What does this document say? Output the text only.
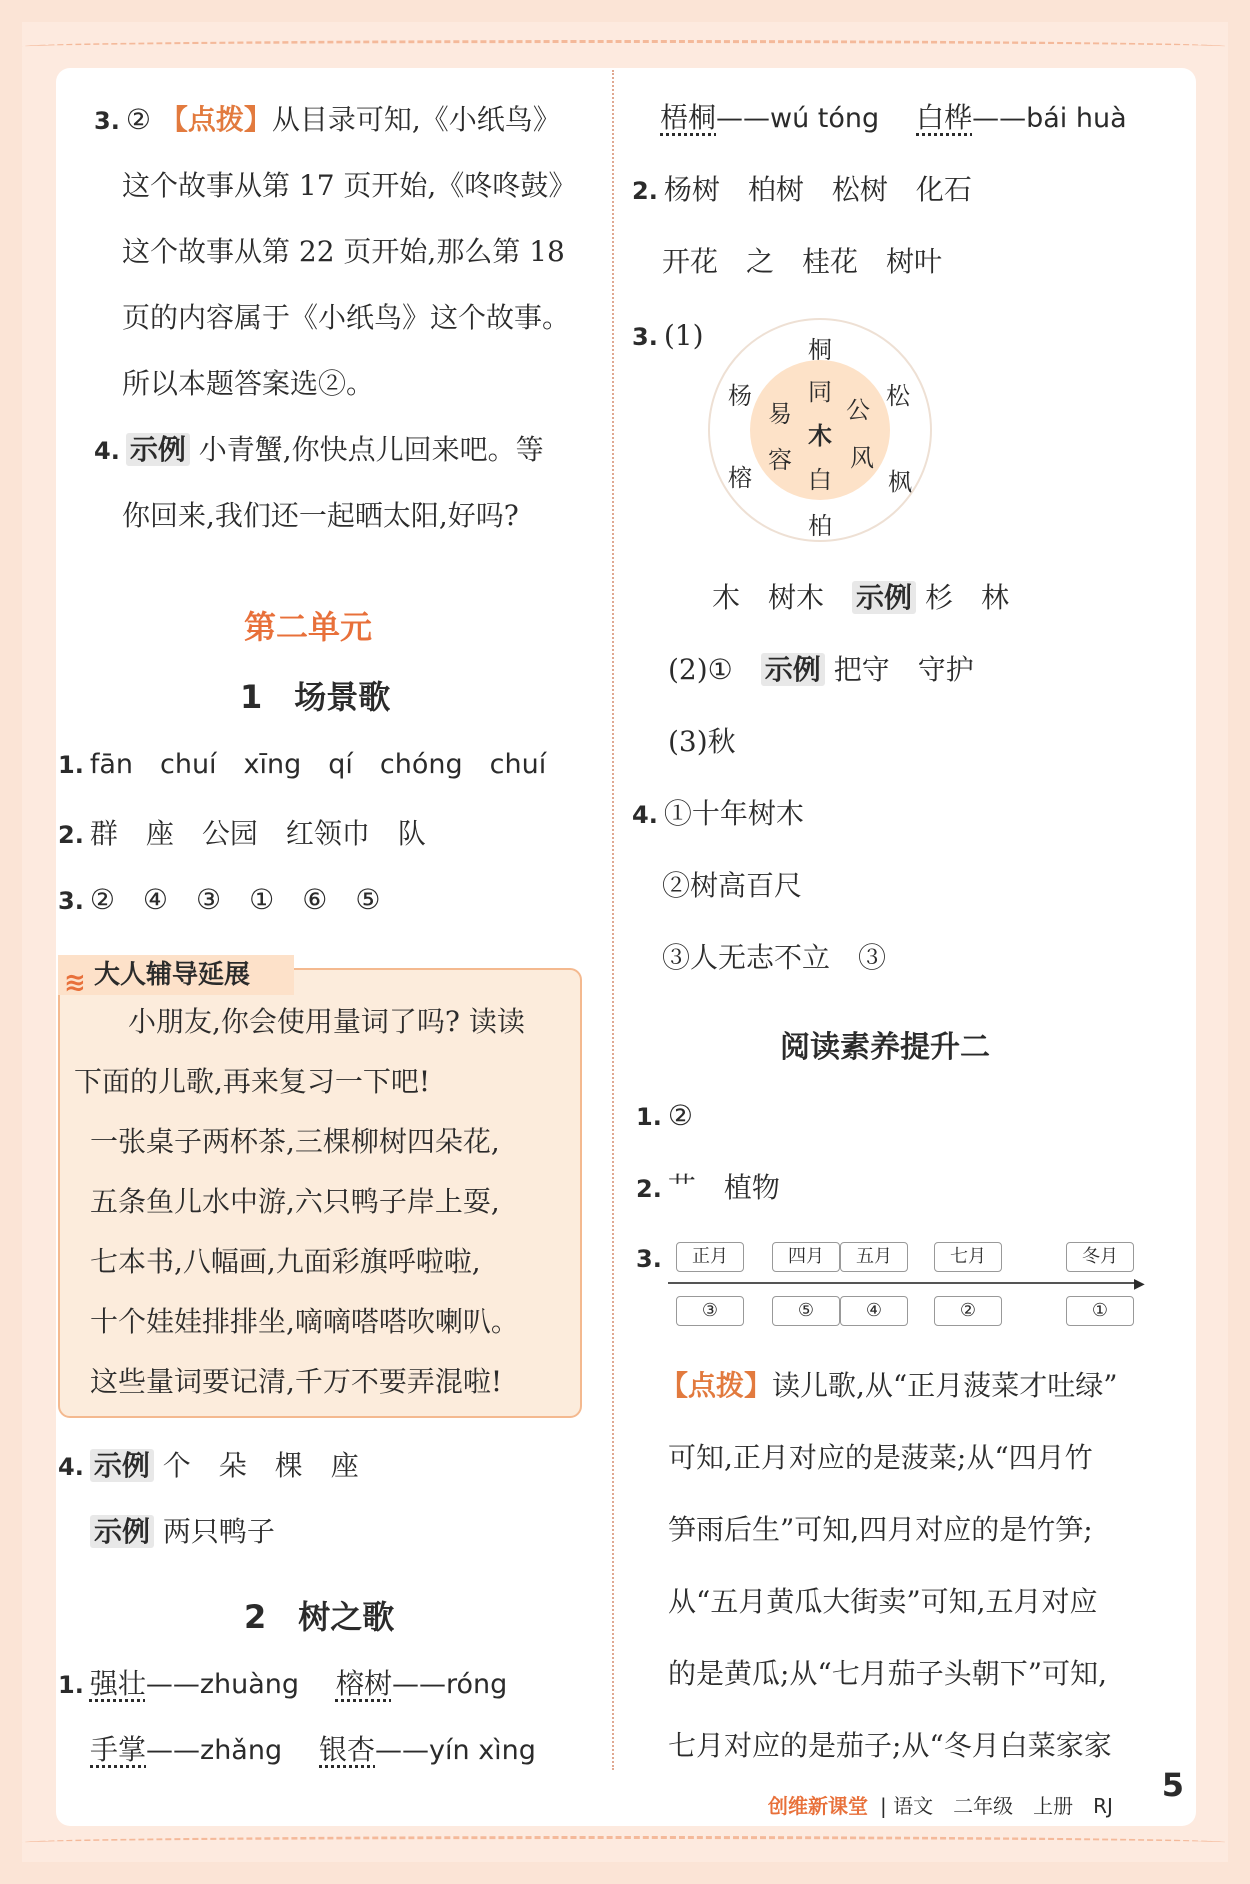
3. ② 【点拨】从目录可知,《小纸鸟》
这个故事从第 17 页开始,《咚咚鼓》
这个故事从第 22 页开始,那么第 18
页的内容属于《小纸鸟》这个故事。
所以本题答案选②。
4. 示例 小青蟹,你快点儿回来吧。等
你回来,我们还一起晒太阳,好吗?
第二单元
1　场景歌
1. fān　chuí　xīng　qí　chóng　chuí
2. 群　座　公园　红领巾　队
3. ②　④　③　①　⑥　⑤
≋ 大人辅导延展
小朋友,你会使用量词了吗? 读读
下面的儿歌,再来复习一下吧!
一张桌子两杯茶,三棵柳树四朵花,
五条鱼儿水中游,六只鸭子岸上耍,
七本书,八幅画,九面彩旗呼啦啦,
十个娃娃排排坐,嘀嘀嗒嗒吹喇叭。
这些量词要记清,千万不要弄混啦!
4. 示例 个　朵　棵　座
示例 两只鸭子
2　树之歌
1. 强壮——zhuàng 　 榕树——róng
手掌——zhǎng 　 银杏——yín xìng
梧桐——wú tóng 　 白桦——bái huà
2. 杨树　柏树　松树　化石
开花　之　桂花　树叶
3. (1)
木
同
公
风
白
容
易
桐
松
枫
柏
榕
杨
木　树木　 示例 杉　林
(2)①　 示例 把守　守护
(3)秋
4. ①十年树木
②树高百尺
③人无志不立　③
阅读素养提升二
1. ②
2. 艹　植物
3.
▶
正月	四月	五月	七月	冬月
③	⑤	④	②	①
【点拨】读儿歌,从“正月菠菜才吐绿”
可知,正月对应的是菠菜;从“四月竹
笋雨后生”可知,四月对应的是竹笋;
从“五月黄瓜大街卖”可知,五月对应
的是黄瓜;从“七月茄子头朝下”可知,
七月对应的是茄子;从“冬月白菜家家
创维新课堂 | 语文　二年级　上册　RJ
5
